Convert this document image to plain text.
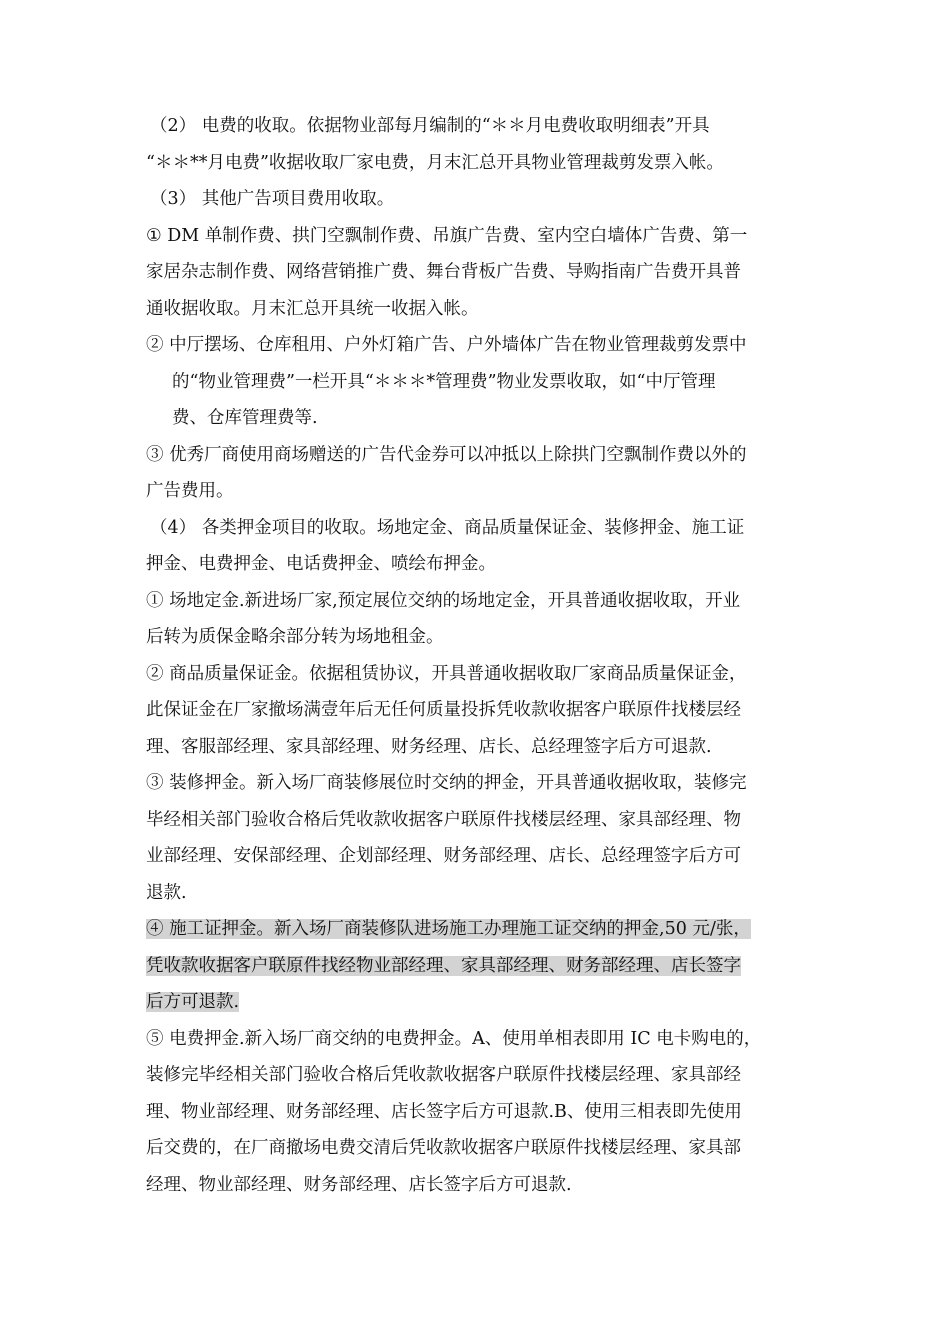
（2） 电费的收取。依据物业部每月编制的“＊＊月电费收取明细表”开具
“＊＊**月电费”收据收取厂家电费，月末汇总开具物业管理裁剪发票入帐。
（3） 其他广告项目费用收取。
① DM 单制作费、拱门空飘制作费、吊旗广告费、室内空白墙体广告费、第一
家居杂志制作费、网络营销推广费、舞台背板广告费、导购指南广告费开具普
通收据收取。月末汇总开具统一收据入帐。
② 中厅摆场、仓库租用、户外灯箱广告、户外墙体广告在物业管理裁剪发票中
的“物业管理费”一栏开具“＊＊＊*管理费”物业发票收取，如“中厅管理
费、仓库管理费等.
③ 优秀厂商使用商场赠送的广告代金券可以冲抵以上除拱门空飘制作费以外的
广告费用。
（4） 各类押金项目的收取。场地定金、商品质量保证金、装修押金、施工证
押金、电费押金、电话费押金、喷绘布押金。
① 场地定金.新进场厂家,预定展位交纳的场地定金，开具普通收据收取，开业
后转为质保金略余部分转为场地租金。
② 商品质量保证金。依据租赁协议，开具普通收据收取厂家商品质量保证金，
此保证金在厂家撤场满壹年后无任何质量投拆凭收款收据客户联原件找楼层经
理、客服部经理、家具部经理、财务经理、店长、总经理签字后方可退款.
③ 装修押金。新入场厂商装修展位时交纳的押金，开具普通收据收取，装修完
毕经相关部门验收合格后凭收款收据客户联原件找楼层经理、家具部经理、物
业部经理、安保部经理、企划部经理、财务部经理、店长、总经理签字后方可
退款.
④ 施工证押金。新入场厂商装修队进场施工办理施工证交纳的押金,50 元/张，
凭收款收据客户联原件找经物业部经理、家具部经理、财务部经理、店长签字
后方可退款.
⑤ 电费押金.新入场厂商交纳的电费押金。A、使用单相表即用 IC 电卡购电的，
装修完毕经相关部门验收合格后凭收款收据客户联原件找楼层经理、家具部经
理、物业部经理、财务部经理、店长签字后方可退款.B、使用三相表即先使用
后交费的，在厂商撤场电费交清后凭收款收据客户联原件找楼层经理、家具部
经理、物业部经理、财务部经理、店长签字后方可退款.
